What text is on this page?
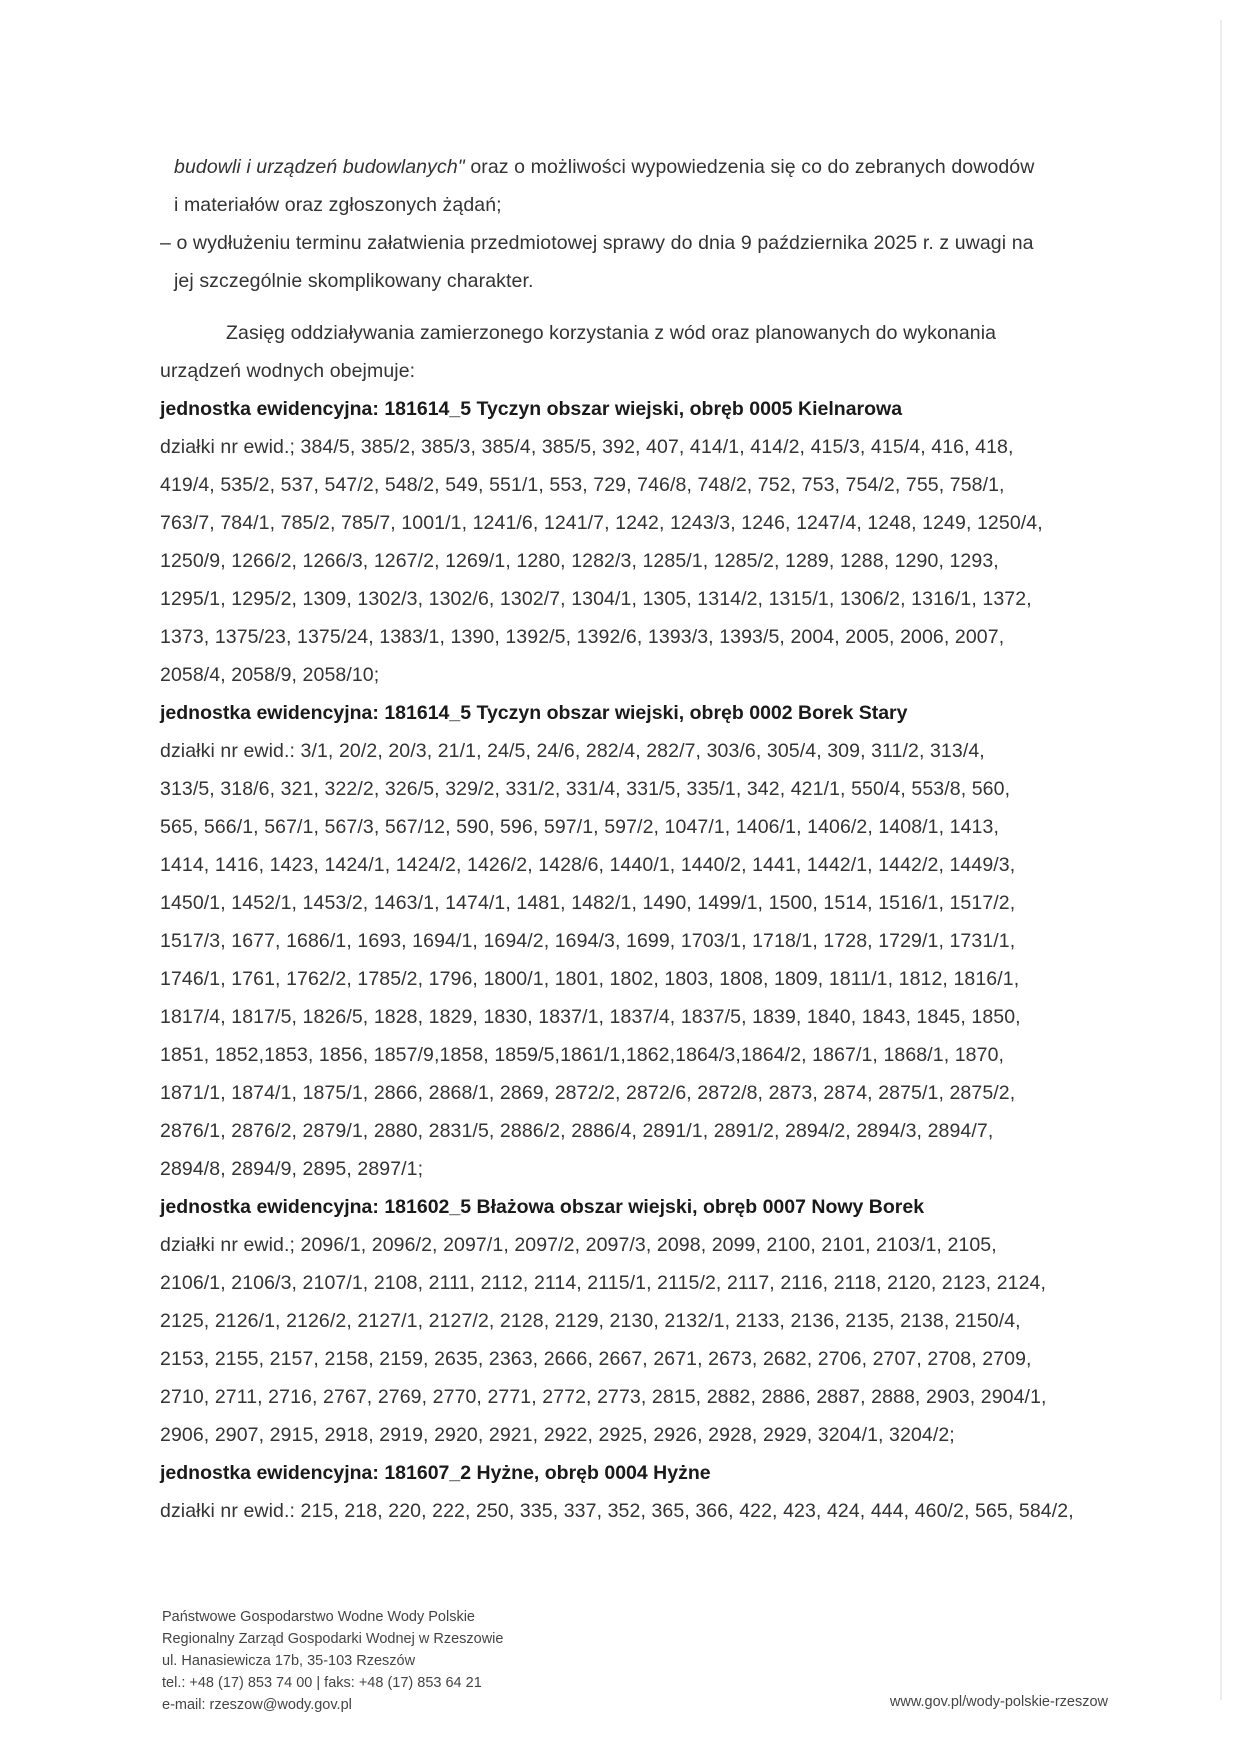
budowli i urządzeń budowlanych" oraz o możliwości wypowiedzenia się co do zebranych dowodów
i materiałów oraz zgłoszonych żądań;
– o wydłużeniu terminu załatwienia przedmiotowej sprawy do dnia 9 października 2025 r. z uwagi na
jej szczególnie skomplikowany charakter.
Zasięg oddziaływania zamierzonego korzystania z wód oraz planowanych do wykonania
urządzeń wodnych obejmuje:
jednostka ewidencyjna: 181614_5 Tyczyn obszar wiejski, obręb 0005 Kielnarowa
działki nr ewid.; 384/5, 385/2, 385/3, 385/4, 385/5, 392, 407, 414/1, 414/2, 415/3, 415/4, 416, 418,
419/4, 535/2, 537, 547/2, 548/2, 549, 551/1, 553, 729, 746/8, 748/2, 752, 753, 754/2, 755, 758/1,
763/7, 784/1, 785/2, 785/7, 1001/1, 1241/6, 1241/7, 1242, 1243/3, 1246, 1247/4, 1248, 1249, 1250/4,
1250/9, 1266/2, 1266/3, 1267/2, 1269/1, 1280, 1282/3, 1285/1, 1285/2, 1289, 1288, 1290, 1293,
1295/1, 1295/2, 1309, 1302/3, 1302/6, 1302/7, 1304/1, 1305, 1314/2, 1315/1, 1306/2, 1316/1, 1372,
1373, 1375/23, 1375/24, 1383/1, 1390, 1392/5, 1392/6, 1393/3, 1393/5, 2004, 2005, 2006, 2007,
2058/4, 2058/9, 2058/10;
jednostka ewidencyjna: 181614_5 Tyczyn obszar wiejski, obręb 0002 Borek Stary
działki nr ewid.: 3/1, 20/2, 20/3, 21/1, 24/5, 24/6, 282/4, 282/7, 303/6, 305/4, 309, 311/2, 313/4,
313/5, 318/6, 321, 322/2, 326/5, 329/2, 331/2, 331/4, 331/5, 335/1, 342, 421/1, 550/4, 553/8, 560,
565, 566/1, 567/1, 567/3, 567/12, 590, 596, 597/1, 597/2, 1047/1, 1406/1, 1406/2, 1408/1, 1413,
1414, 1416, 1423, 1424/1, 1424/2, 1426/2, 1428/6, 1440/1, 1440/2, 1441, 1442/1, 1442/2, 1449/3,
1450/1, 1452/1, 1453/2, 1463/1, 1474/1, 1481, 1482/1, 1490, 1499/1, 1500, 1514, 1516/1, 1517/2,
1517/3, 1677, 1686/1, 1693, 1694/1, 1694/2, 1694/3, 1699, 1703/1, 1718/1, 1728, 1729/1, 1731/1,
1746/1, 1761, 1762/2, 1785/2, 1796, 1800/1, 1801, 1802, 1803, 1808, 1809, 1811/1, 1812, 1816/1,
1817/4, 1817/5, 1826/5, 1828, 1829, 1830, 1837/1, 1837/4, 1837/5, 1839, 1840, 1843, 1845, 1850,
1851, 1852,1853, 1856, 1857/9,1858, 1859/5,1861/1,1862,1864/3,1864/2, 1867/1, 1868/1, 1870,
1871/1, 1874/1, 1875/1, 2866, 2868/1, 2869, 2872/2, 2872/6, 2872/8, 2873, 2874, 2875/1, 2875/2,
2876/1, 2876/2, 2879/1, 2880, 2831/5, 2886/2, 2886/4, 2891/1, 2891/2, 2894/2, 2894/3, 2894/7,
2894/8, 2894/9, 2895, 2897/1;
jednostka ewidencyjna: 181602_5 Błażowa obszar wiejski, obręb 0007 Nowy Borek
działki nr ewid.; 2096/1, 2096/2, 2097/1, 2097/2, 2097/3, 2098, 2099, 2100, 2101, 2103/1, 2105,
2106/1, 2106/3, 2107/1, 2108, 2111, 2112, 2114, 2115/1, 2115/2, 2117, 2116, 2118, 2120, 2123, 2124,
2125, 2126/1, 2126/2, 2127/1, 2127/2, 2128, 2129, 2130, 2132/1, 2133, 2136, 2135, 2138, 2150/4,
2153, 2155, 2157, 2158, 2159, 2635, 2363, 2666, 2667, 2671, 2673, 2682, 2706, 2707, 2708, 2709,
2710, 2711, 2716, 2767, 2769, 2770, 2771, 2772, 2773, 2815, 2882, 2886, 2887, 2888, 2903, 2904/1,
2906, 2907, 2915, 2918, 2919, 2920, 2921, 2922, 2925, 2926, 2928, 2929, 3204/1, 3204/2;
jednostka ewidencyjna: 181607_2 Hyżne, obręb 0004 Hyżne
działki nr ewid.: 215, 218, 220, 222, 250, 335, 337, 352, 365, 366, 422, 423, 424, 444, 460/2, 565, 584/2,
Państwowe Gospodarstwo Wodne Wody Polskie
Regionalny Zarząd Gospodarki Wodnej w Rzeszowie
ul. Hanasiewicza 17b, 35-103 Rzeszów
tel.: +48 (17) 853 74 00 | faks: +48 (17) 853 64 21
e-mail: rzeszow@wody.gov.pl	www.gov.pl/wody-polskie-rzeszow
